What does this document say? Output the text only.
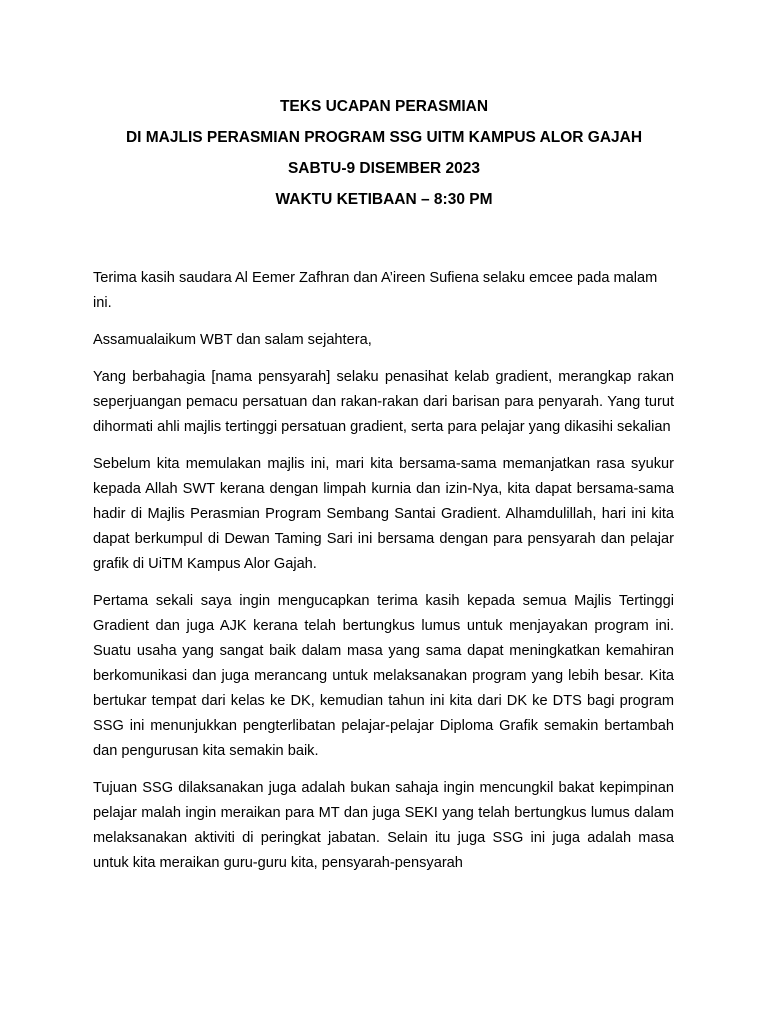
TEKS UCAPAN PERASMIAN
DI MAJLIS PERASMIAN PROGRAM SSG UITM KAMPUS ALOR GAJAH
SABTU-9 DISEMBER 2023
WAKTU KETIBAAN – 8:30 PM

Terima kasih saudara Al Eemer Zafhran dan A’ireen Sufiena selaku emcee pada malam ini.

Assamualaikum WBT dan salam sejahtera,

Yang berbahagia [nama pensyarah] selaku penasihat kelab gradient, merangkap rakan seperjuangan pemacu persatuan dan rakan-rakan dari barisan para penyarah. Yang turut dihormati ahli majlis tertinggi persatuan gradient, serta para pelajar yang dikasihi sekalian

Sebelum kita memulakan majlis ini, mari kita bersama-sama memanjatkan rasa syukur kepada Allah SWT kerana dengan limpah kurnia dan izin-Nya, kita dapat bersama-sama hadir di Majlis Perasmian Program Sembang Santai Gradient. Alhamdulillah, hari ini kita dapat berkumpul di Dewan Taming Sari ini bersama dengan para pensyarah dan pelajar grafik di UiTM Kampus Alor Gajah.

Pertama sekali saya ingin mengucapkan terima kasih kepada semua Majlis Tertinggi Gradient dan juga AJK kerana telah bertungkus lumus untuk menjayakan program ini. Suatu usaha yang sangat baik dalam masa yang sama dapat meningkatkan kemahiran berkomunikasi dan juga merancang untuk melaksanakan program yang lebih besar. Kita bertukar tempat dari kelas ke DK, kemudian tahun ini kita dari DK ke DTS bagi program SSG ini menunjukkan pengterlibatan pelajar-pelajar Diploma Grafik semakin bertambah dan pengurusan kita semakin baik.

Tujuan SSG dilaksanakan juga adalah bukan sahaja ingin mencungkil bakat kepimpinan pelajar malah ingin meraikan para MT dan juga SEKI yang telah bertungkus lumus dalam melaksanakan aktiviti di peringkat jabatan. Selain itu juga SSG ini juga adalah masa untuk kita meraikan guru-guru kita, pensyarah-pensyarah
